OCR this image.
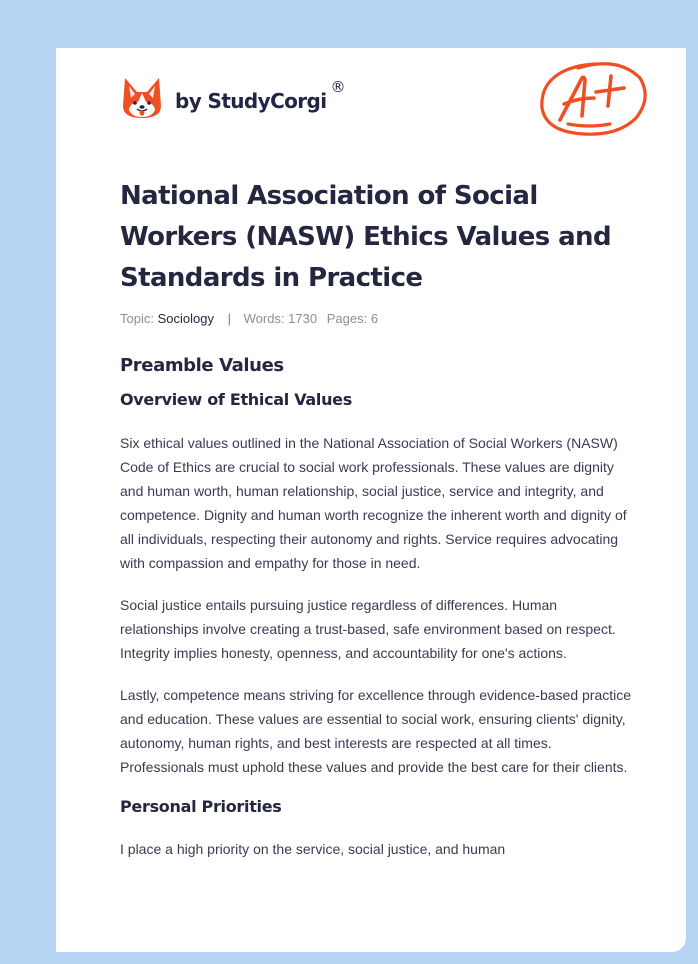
by StudyCorgi
®
National Association of Social Workers (NASW) Ethics Values and Standards in Practice
Topic: Sociology | Words: 1730 Pages: 6
Preamble Values
Overview of Ethical Values

Six ethical values outlined in the National Association of Social Workers (NASW) Code of Ethics are crucial to social work professionals. These values are dignity and human worth, human relationship, social justice, service and integrity, and competence. Dignity and human worth recognize the inherent worth and dignity of all individuals, respecting their autonomy and rights. Service requires advocating with compassion and empathy for those in need.

Social justice entails pursuing justice regardless of differences. Human relationships involve creating a trust-based, safe environment based on respect. Integrity implies honesty, openness, and accountability for one's actions.

Lastly, competence means striving for excellence through evidence-based practice and education. These values are essential to social work, ensuring clients' dignity, autonomy, human rights, and best interests are respected at all times. Professionals must uphold these values and provide the best care for their clients.

Personal Priorities

I place a high priority on the service, social justice, and human
